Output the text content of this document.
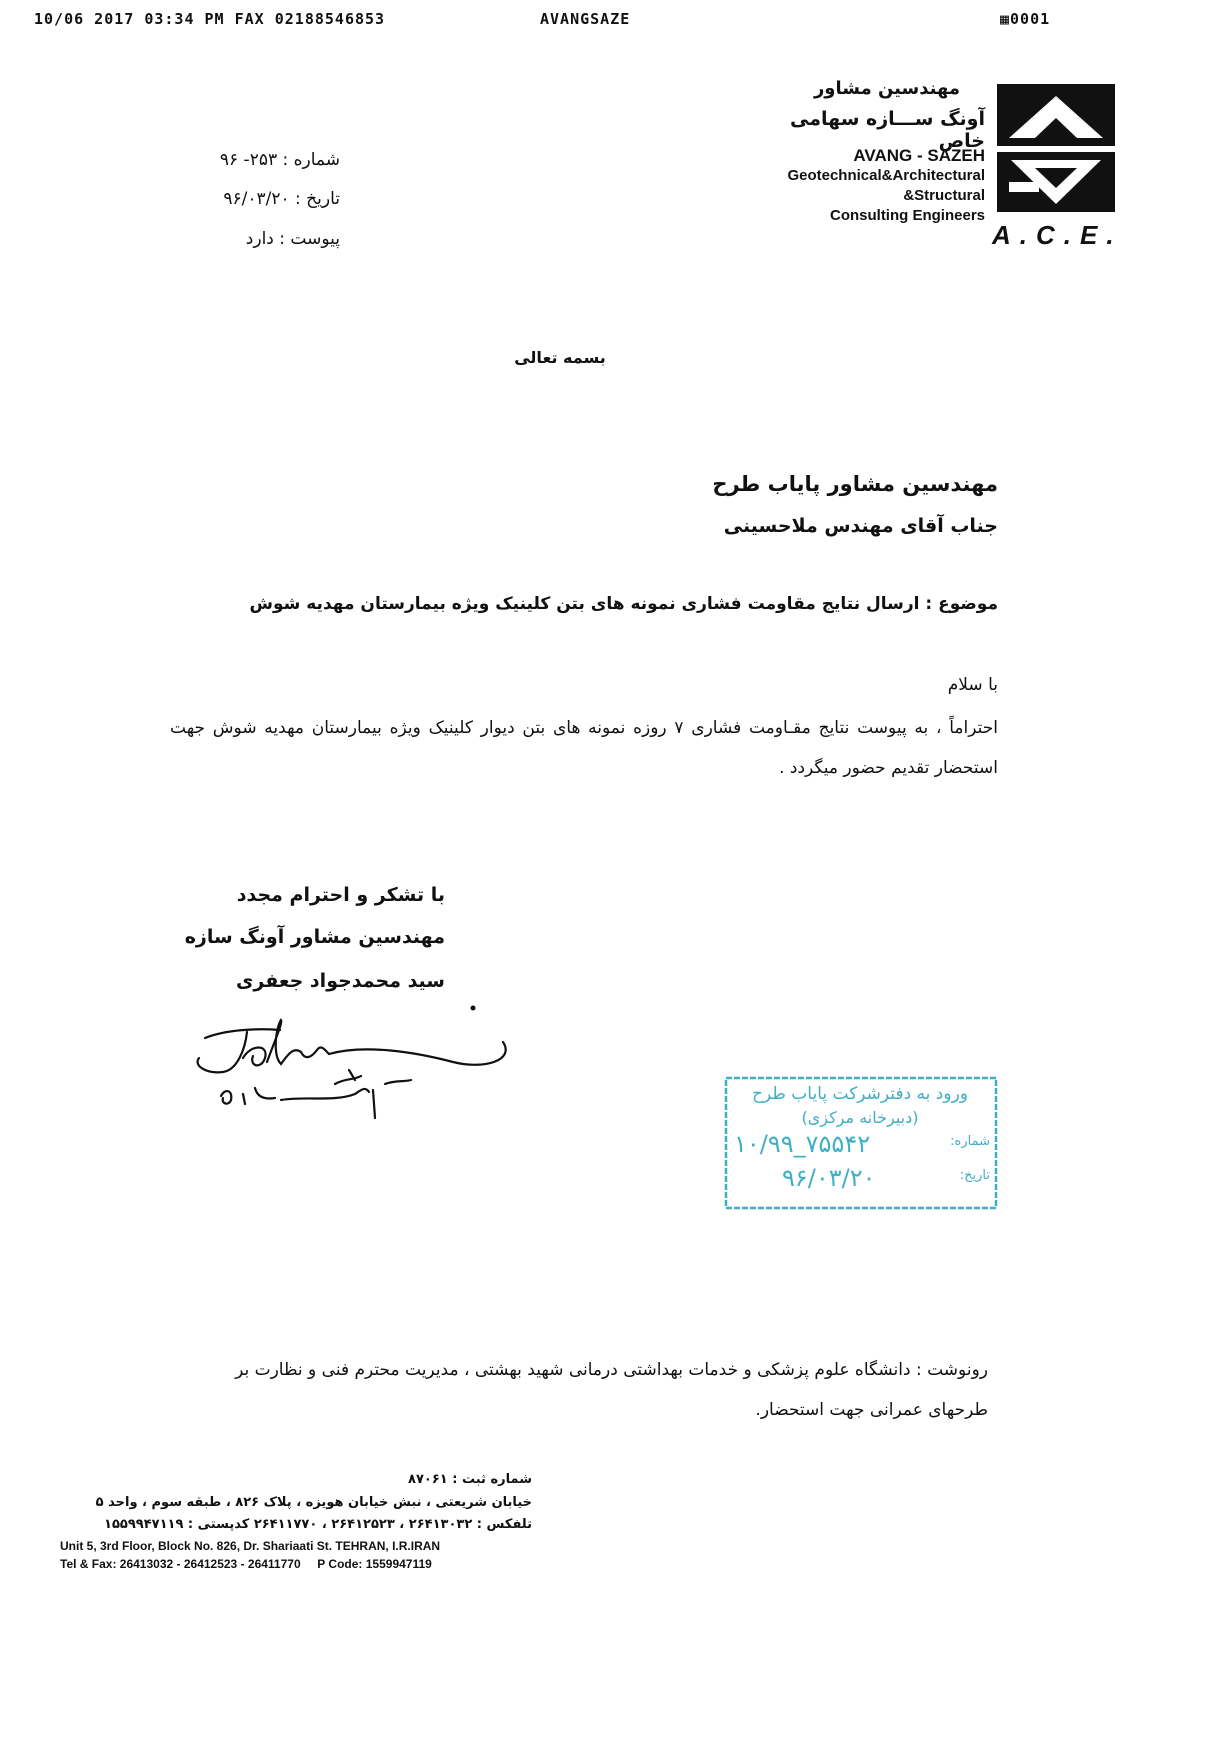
10/06 2017 03:34 PM FAX 02188546853	AVANGSAZE	▦0001
مهندسین مشاور
آونگ ســـازه سهامی خاص
AVANG - SAZEH
Geotechnical&Architectural
&Structural
Consulting Engineers
A.C.E.
شماره : ۲۵۳- ۹۶
تاریخ : ۹۶/۰۳/۲۰
پیوست : دارد
بسمه تعالی
مهندسین مشاور پایاب طرح
جناب آقای مهندس ملاحسینی
موضوع : ارسال نتایج مقاومت فشاری نمونه های بتن کلینیک ویژه بیمارستان مهدیه شوش
با سلام
احتراماً ، به پیوست نتایج مقـاومت فشاری ۷ روزه نمونه های بتن دیوار کلینیک ویژه بیمارستان مهدیه شوش جهت استحضار تقدیم حضور میگردد .
با تشکر و احترام مجدد
مهندسین مشاور آونگ سازه
سید محمدجواد جعفری
ورود به دفترشرکت پایاب طرح
(دبیرخانه مرکزی)
شماره:
۱۰/۹۹_۷۵۵۴۲
تاریخ:
۹۶/۰۳/۲۰
رونوشت : دانشگاه علوم پزشکی و خدمات بهداشتی درمانی شهید بهشتی ، مدیریت محترم فنی و نظارت بر طرحهای عمرانی جهت استحضار.
شماره ثبت : ۸۷۰۶۱
خیابان شریعتی ، نبش خیابان هویزه ، پلاک ۸۲۶ ، طبقه سوم ، واحد ۵
تلفکس : ۲۶۴۱۳۰۳۲ ، ۲۶۴۱۲۵۲۳ ، ۲۶۴۱۱۷۷۰ کدپستی : ۱۵۵۹۹۴۷۱۱۹
Unit 5, 3rd Floor, Block No. 826, Dr. Shariaati St. TEHRAN, I.R.IRAN
Tel & Fax: 26413032 - 26412523 - 26411770     P Code: 1559947119
